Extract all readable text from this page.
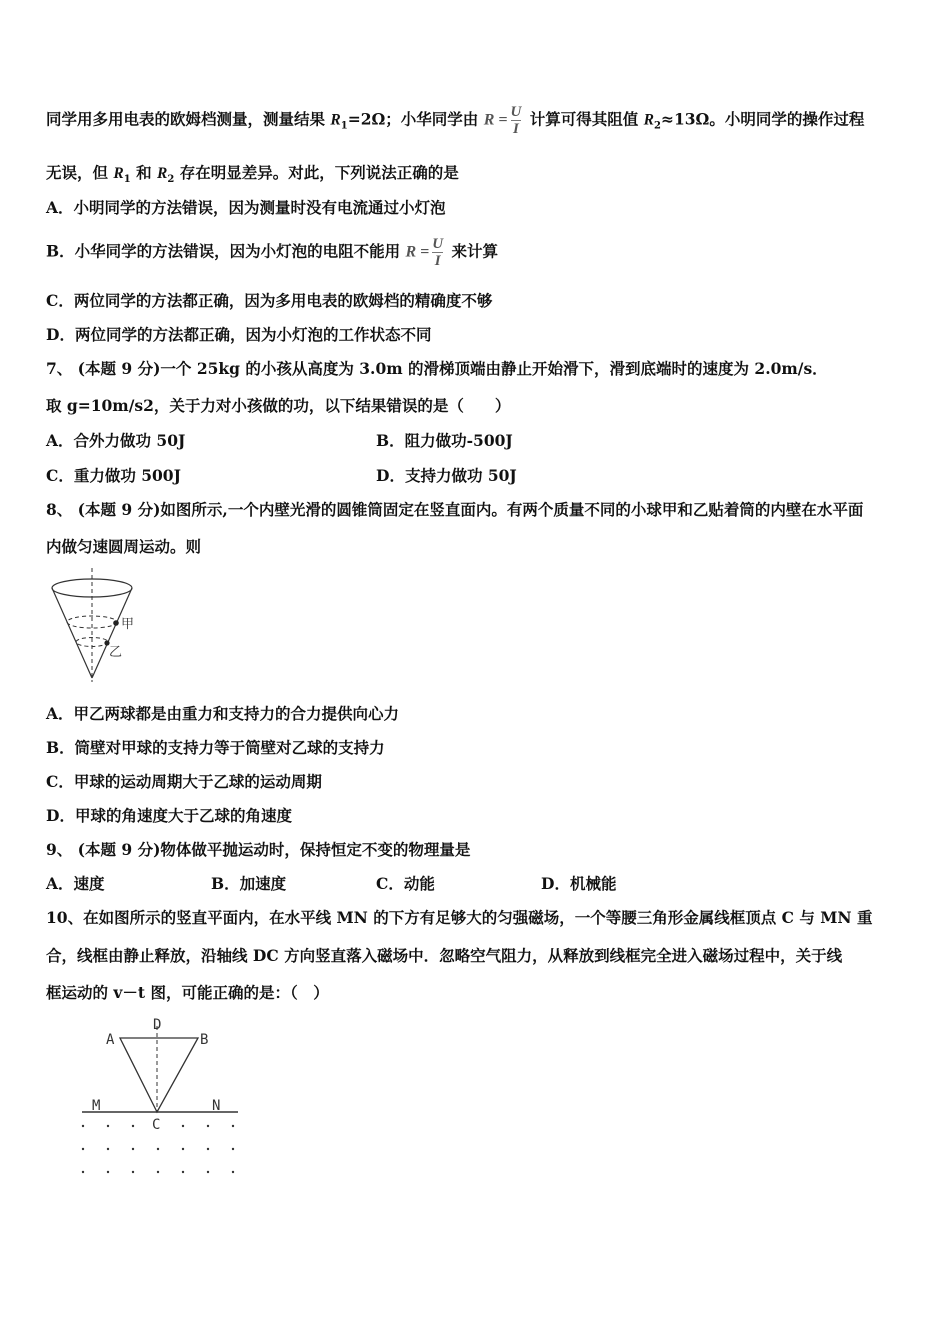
同学用多用电表的欧姆档测量，测量结果 $R_1=2\Omega$；小华同学由 $R = \frac{U}{I}$ 计算可得其阻值 $R_2\approx 13\Omega$。小明同学的操作过程
无误，但 $R_1$ 和 $R_2$ 存在明显差异。对此，下列说法正确的是
A．小明同学的方法错误，因为测量时没有电流通过小灯泡
B．小华同学的方法错误，因为小灯泡的电阻不能用 $R = \frac{U}{I}$ 来计算
C．两位同学的方法都正确，因为多用电表的欧姆档的精确度不够
D．两位同学的方法都正确，因为小灯泡的工作状态不同
7、 (本题 9 分)一个 25kg 的小孩从高度为 3.0m 的滑梯顶端由静止开始滑下，滑到底端时的速度为 2.0m/s．
取 g=10m/s2，关于力对小孩做的功，以下结果错误的是（　　）
A．合外力做功 50J	B．阻力做功-500J
C．重力做功 500J	D．支持力做功 50J
8、 (本题 9 分)如图所示,一个内壁光滑的圆锥筒固定在竖直面内。有两个质量不同的小球甲和乙贴着筒的内壁在水平面
内做匀速圆周运动。则
甲
乙
A．甲乙两球都是由重力和支持力的合力提供向心力
B．筒壁对甲球的支持力等于筒壁对乙球的支持力
C．甲球的运动周期大于乙球的运动周期
D．甲球的角速度大于乙球的角速度
9、 (本题 9 分)物体做平抛运动时，保持恒定不变的物理量是
A．速度	B．加速度	C．动能	D．机械能
10、在如图所示的竖直平面内，在水平线 MN 的下方有足够大的匀强磁场，一个等腰三角形金属线框顶点 C 与 MN 重
合，线框由静止释放，沿轴线 DC 方向竖直落入磁场中．忽略空气阻力，从释放到线框完全进入磁场过程中，关于线
框运动的 v－t 图，可能正确的是：（　）
D
A	B
M	N
C
